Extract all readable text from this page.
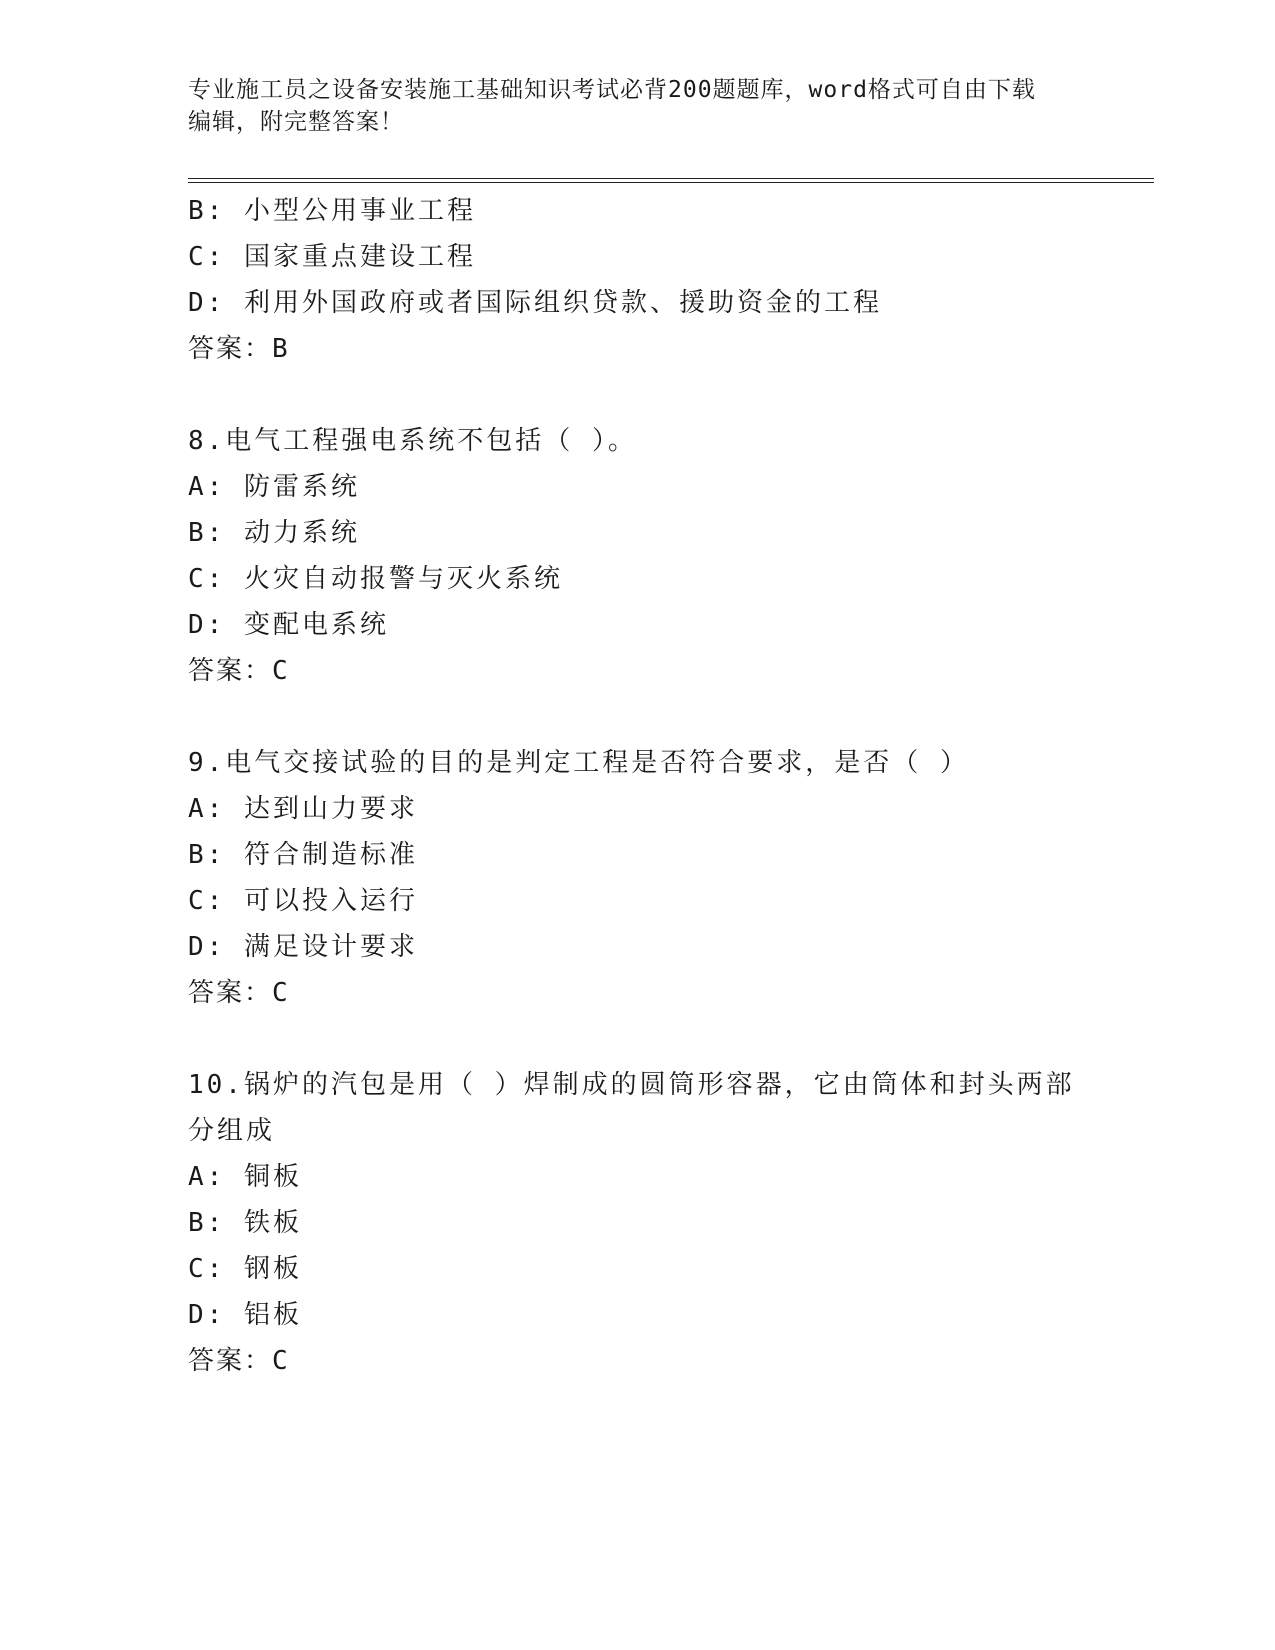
专业施工员之设备安装施工基础知识考试必背200题题库，word格式可自由下载
编辑，附完整答案！
B: 小型公用事业工程
C: 国家重点建设工程
D: 利用外国政府或者国际组织贷款、援助资金的工程
答案：B
8.电气工程强电系统不包括（ ）。
A: 防雷系统
B: 动力系统
C: 火灾自动报警与灭火系统
D: 变配电系统
答案：C
9.电气交接试验的目的是判定工程是否符合要求，是否（ ）
A: 达到山力要求
B: 符合制造标准
C: 可以投入运行
D: 满足设计要求
答案：C
10.锅炉的汽包是用（ ）焊制成的圆筒形容器，它由筒体和封头两部
分组成
A: 铜板
B: 铁板
C: 钢板
D: 铝板
答案：C
